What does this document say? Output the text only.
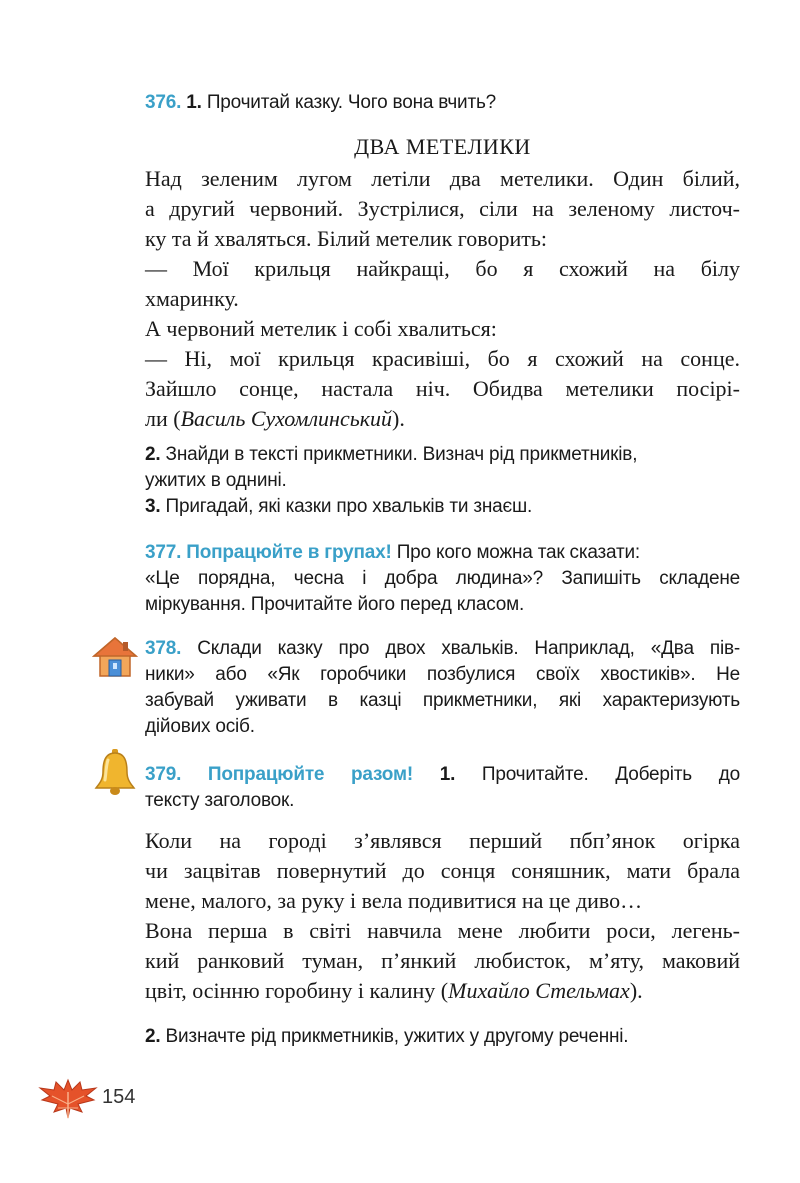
376. 1. Прочитай казку. Чого вона вчить?
ДВА МЕТЕЛИКИ
Над зеленим лугом летіли два метелики. Один білий,
а другий червоний. Зустрілися, сіли на зеленому листоч-
ку та й хваляться. Білий метелик говорить:
— Мої крильця найкращі, бо я схожий на білу
хмаринку.
А червоний метелик і собі хвалиться:
— Ні, мої крильця красивіші, бо я схожий на сонце.
Зайшло сонце, настала ніч. Обидва метелики посірі-
ли (Василь Сухомлинський).
2. Знайди в тексті прикметники. Визнач рід прикметників,
ужитих в однині.
3. Пригадай, які казки про хвальків ти знаєш.
377. Попрацюйте в групах! Про кого можна так сказати:
«Це порядна, чесна і добра людина»? Запишіть складене
міркування. Прочитайте його перед класом.
378. Склади казку про двох хвальків. Наприклад, «Два пів-
ники» або «Як горобчики позбулися своїх хвостиків». Не
забувай уживати в казці прикметники, які характеризують
дійових осіб.
379. Попрацюйте разом! 1. Прочитайте. Доберіть до
тексту заголовок.
Коли на городі з’являвся перший пбп’янок огірка
чи зацвітав повернутий до сонця соняшник, мати брала
мене, малого, за руку і вела подивитися на це диво…
Вона перша в світі навчила мене любити роси, легень-
кий ранковий туман, п’янкий любисток, м’яту, маковий
цвіт, осінню горобину і калину (Михайло Стельмах).
2. Визначте рід прикметників, ужитих у другому реченні.
154
